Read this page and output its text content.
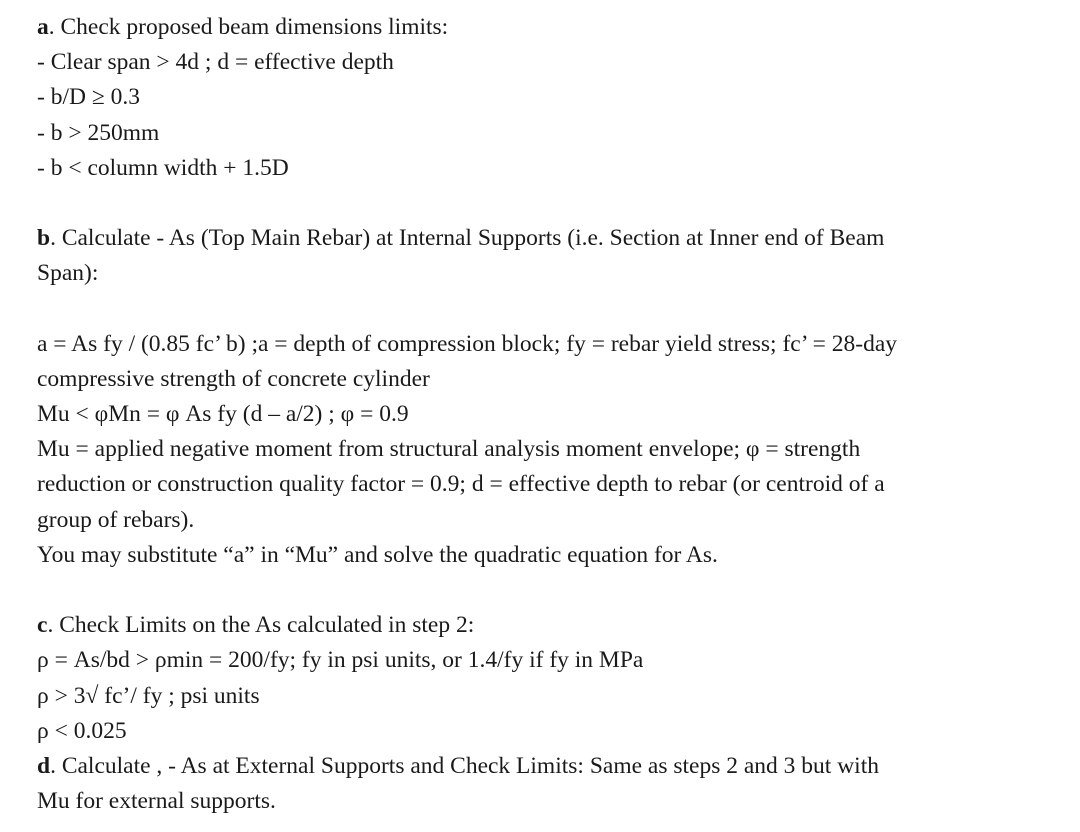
a. Check proposed beam dimensions limits:
- Clear span > 4d ; d = effective depth
- b/D ≥ 0.3
- b > 250mm
- b < column width + 1.5D
b. Calculate - As (Top Main Rebar) at Internal Supports (i.e. Section at Inner end of Beam
Span):
a = As fy / (0.85 fc’ b) ;a = depth of compression block; fy = rebar yield stress; fc’ = 28-day
compressive strength of concrete cylinder
Mu < φMn = φ As fy (d – a/2) ; φ = 0.9
Mu = applied negative moment from structural analysis moment envelope; φ = strength
reduction or construction quality factor = 0.9; d = effective depth to rebar (or centroid of a
group of rebars).
You may substitute “a” in “Mu” and solve the quadratic equation for As.
c. Check Limits on the As calculated in step 2:
ρ = As/bd > ρmin = 200/fy; fy in psi units, or 1.4/fy if fy in MPa
ρ > 3√ fc’/ fy ; psi units
ρ < 0.025
d. Calculate , - As at External Supports and Check Limits: Same as steps 2 and 3 but with
Mu for external supports.
